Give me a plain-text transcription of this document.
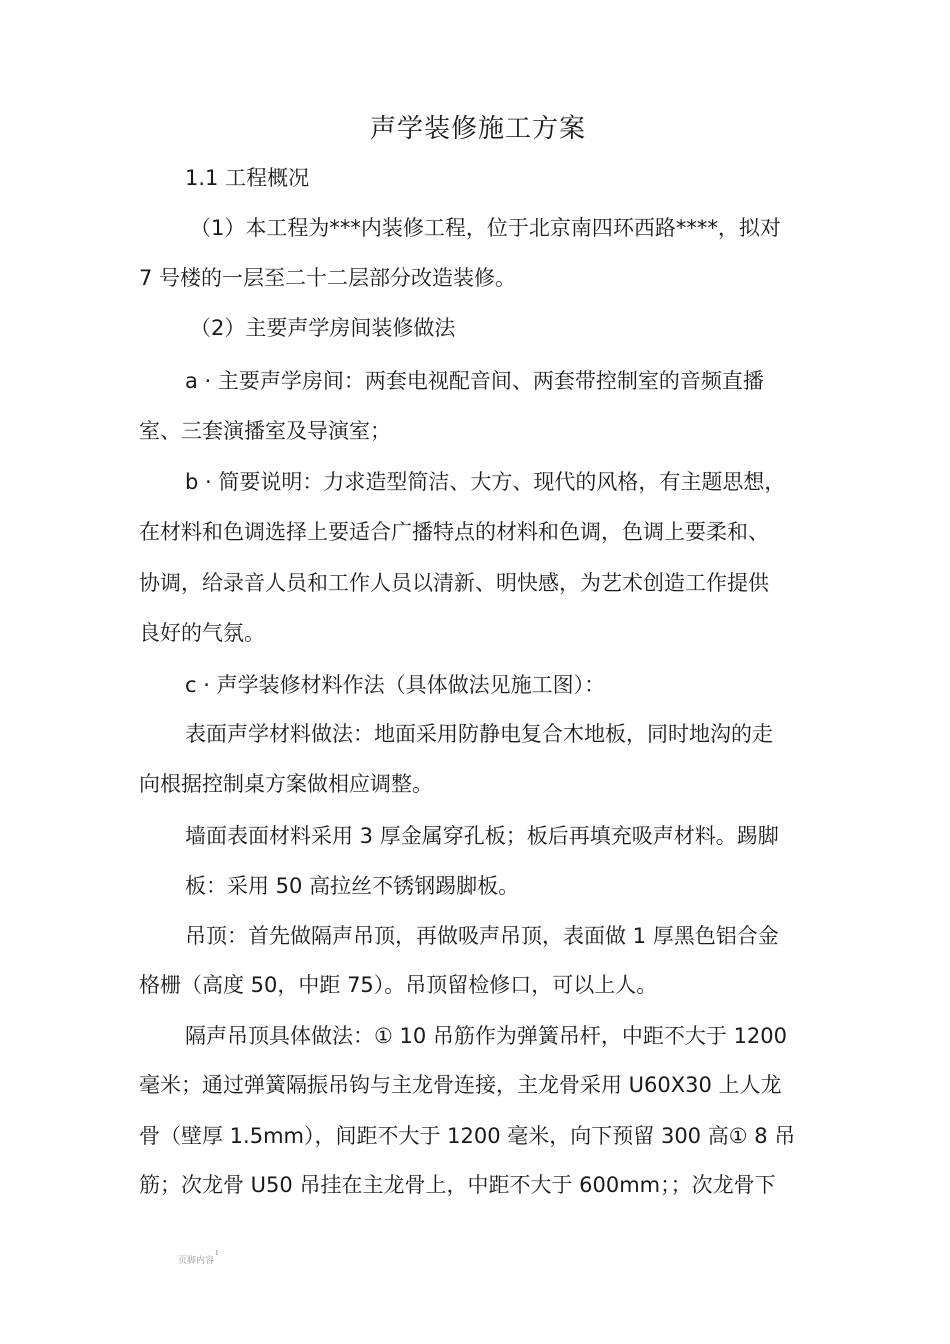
声学装修施工方案
1.1 工程概况
（1）本工程为***内装修工程，位于北京南四环西路****，拟对
7 号楼的一层至二十二层部分改造装修。
（2）主要声学房间装修做法
a · 主要声学房间：两套电视配音间、两套带控制室的音频直播
室、三套演播室及导演室；
b · 简要说明：力求造型简洁、大方、现代的风格，有主题思想，
在材料和色调选择上要适合广播特点的材料和色调，色调上要柔和、
协调，给录音人员和工作人员以清新、明快感，为艺术创造工作提供
良好的气氛。
c · 声学装修材料作法（具体做法见施工图）：
表面声学材料做法：地面采用防静电复合木地板，同时地沟的走
向根据控制桌方案做相应调整。
墙面表面材料采用 3 厚金属穿孔板；板后再填充吸声材料。踢脚
板：采用 50 高拉丝不锈钢踢脚板。
吊顶：首先做隔声吊顶，再做吸声吊顶，表面做 1 厚黑色铝合金
格栅（高度 50，中距 75）。吊顶留检修口，可以上人。
隔声吊顶具体做法：① 10 吊筋作为弹簧吊杆，中距不大于 1200
毫米；通过弹簧隔振吊钩与主龙骨连接，主龙骨采用 U60X30 上人龙
骨（壁厚 1.5mm），间距不大于 1200 毫米，向下预留 300 高① 8 吊
筋；次龙骨 U50 吊挂在主龙骨上，中距不大于 600mm；；次龙骨下
页脚内容$^1$
